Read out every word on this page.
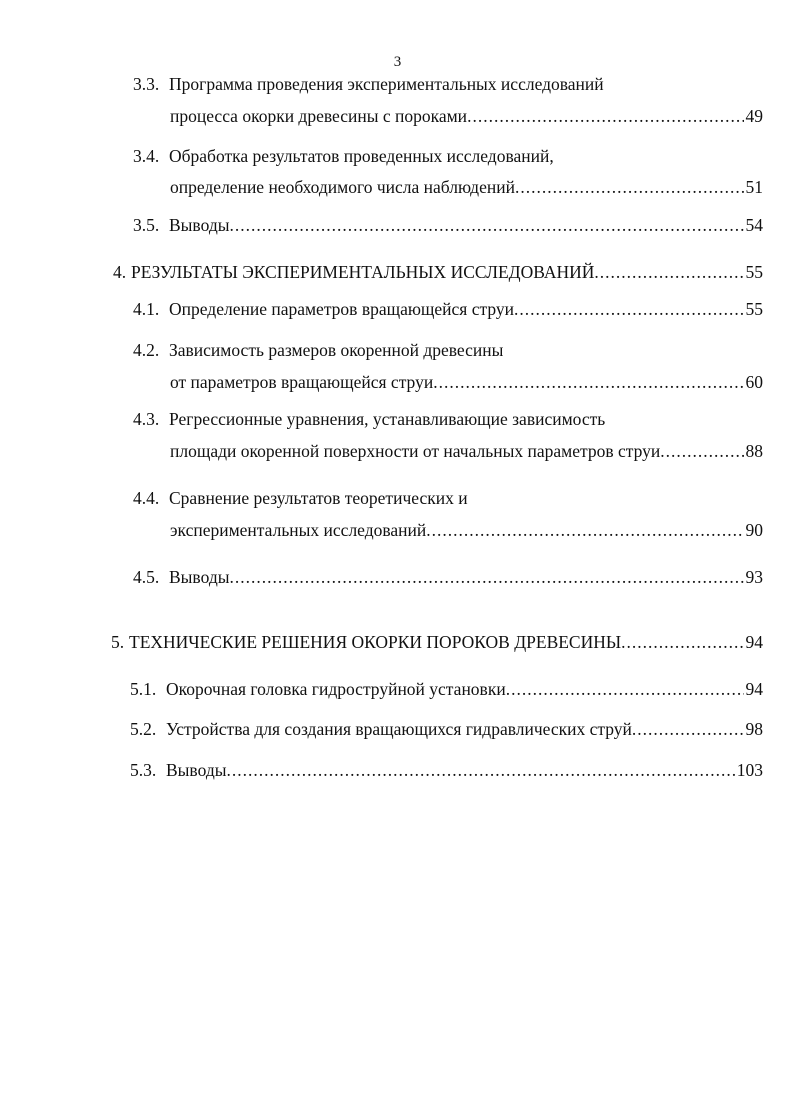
3
3.3. Программа проведения экспериментальных исследований
процесса окорки древесины с пороками .....	49
3.4. Обработка результатов проведенных исследований,
определение необходимого числа наблюдений .....	51
3.5. Выводы .....	54
4. РЕЗУЛЬТАТЫ ЭКСПЕРИМЕНТАЛЬНЫХ ИССЛЕДОВАНИЙ .....	55
4.1. Определение параметров вращающейся струи .....	55
4.2. Зависимость размеров окоренной древесины
от параметров вращающейся струи .....	60
4.3. Регрессионные уравнения, устанавливающие зависимость
площади окоренной поверхности от начальных параметров струи .....	88
4.4. Сравнение результатов теоретических и
экспериментальных исследований .....	90
4.5. Выводы .....	93
5. ТЕХНИЧЕСКИЕ РЕШЕНИЯ ОКОРКИ ПОРОКОВ ДРЕВЕСИНЫ .....	94
5.1. Окорочная головка гидроструйной установки .....	94
5.2. Устройства для создания вращающихся гидравлических струй .....	98
5.3. Выводы .....	103
